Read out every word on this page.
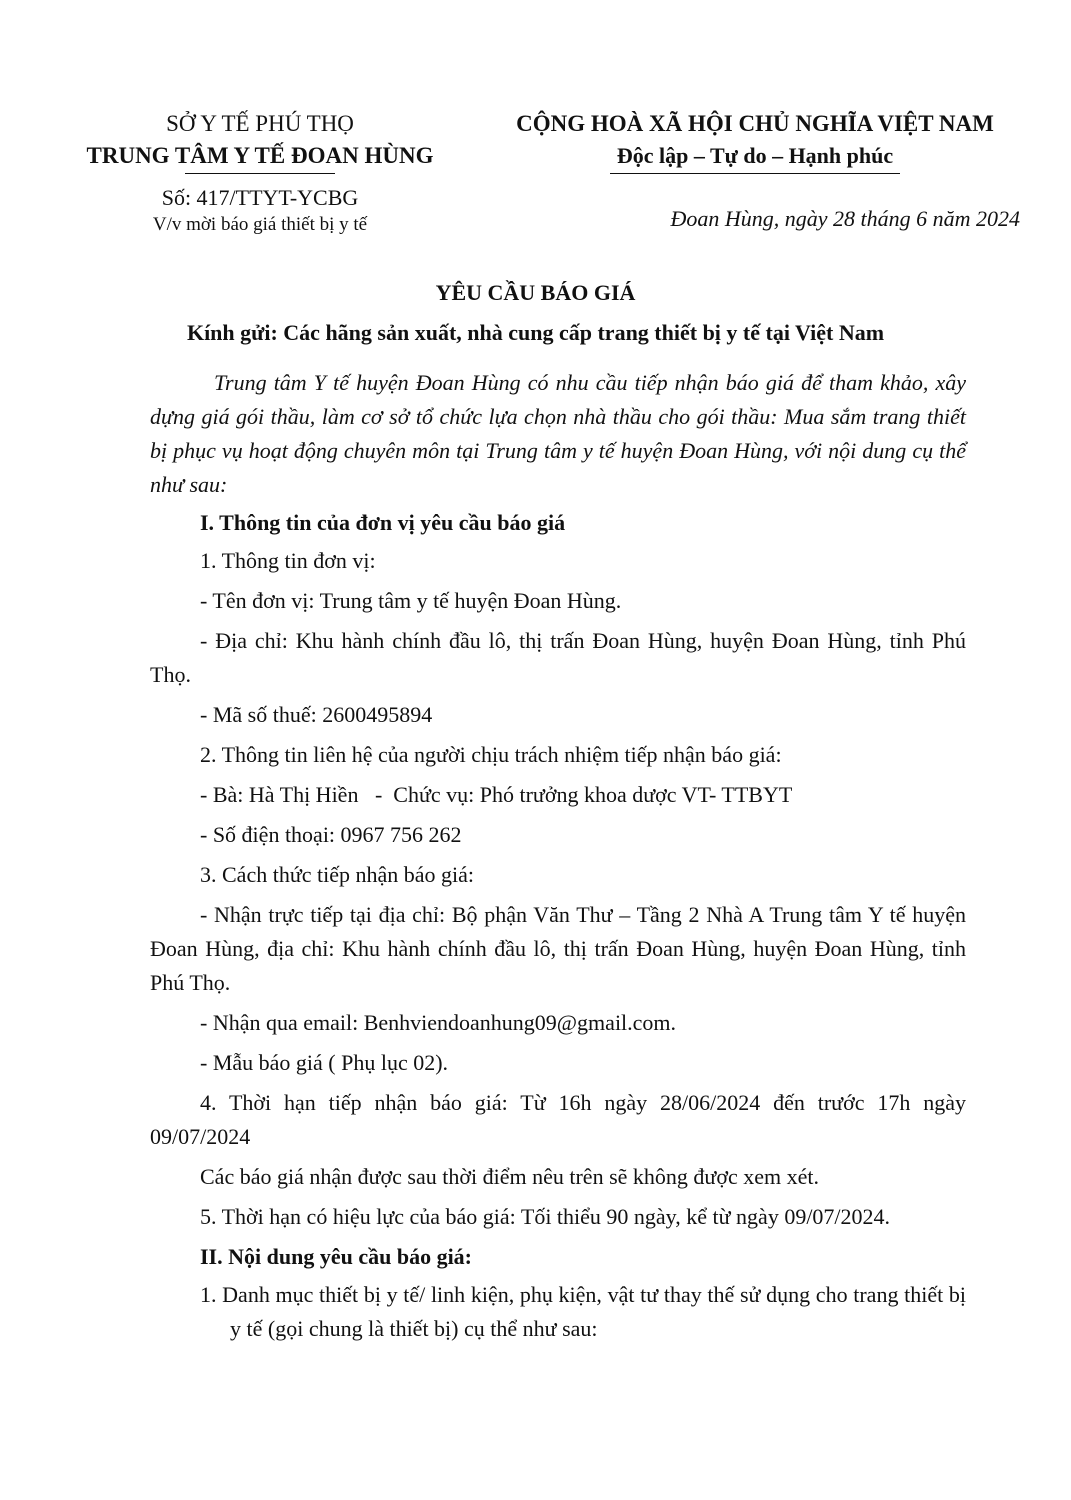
SỞ Y TẾ PHÚ THỌ
TRUNG TÂM Y TẾ ĐOAN HÙNG
Số: 417/TTYT-YCBG
V/v mời báo giá thiết bị y tế
CỘNG HOÀ XÃ HỘI CHỦ NGHĨA VIỆT NAM
Độc lập – Tự do – Hạnh phúc
Đoan Hùng, ngày 28 tháng 6 năm 2024
YÊU CẦU BÁO GIÁ
Kính gửi: Các hãng sản xuất, nhà cung cấp trang thiết bị y tế tại Việt Nam

Trung tâm Y tế huyện Đoan Hùng có nhu cầu tiếp nhận báo giá để tham khảo, xây dựng giá gói thầu, làm cơ sở tổ chức lựa chọn nhà thầu cho gói thầu: Mua sắm trang thiết bị phục vụ hoạt động chuyên môn tại Trung tâm y tế huyện Đoan Hùng, với nội dung cụ thể như sau:

I. Thông tin của đơn vị yêu cầu báo giá

1. Thông tin đơn vị:

- Tên đơn vị: Trung tâm y tế huyện Đoan Hùng.

- Địa chỉ: Khu hành chính đầu lô, thị trấn Đoan Hùng, huyện Đoan Hùng, tỉnh Phú Thọ.

- Mã số thuế: 2600495894

2. Thông tin liên hệ của người chịu trách nhiệm tiếp nhận báo giá:

- Bà: Hà Thị Hiền   -  Chức vụ: Phó trưởng khoa dược VT- TTBYT

- Số điện thoại: 0967 756 262

3. Cách thức tiếp nhận báo giá:

- Nhận trực tiếp tại địa chỉ: Bộ phận Văn Thư – Tầng 2 Nhà A Trung tâm Y tế huyện Đoan Hùng, địa chỉ: Khu hành chính đầu lô, thị trấn Đoan Hùng, huyện Đoan Hùng, tỉnh Phú Thọ.

- Nhận qua email: Benhviendoanhung09@gmail.com.

- Mẫu báo giá ( Phụ lục 02).

4. Thời hạn tiếp nhận báo giá: Từ 16h ngày 28/06/2024 đến trước 17h ngày 09/07/2024

Các báo giá nhận được sau thời điểm nêu trên sẽ không được xem xét.

5. Thời hạn có hiệu lực của báo giá: Tối thiểu 90 ngày, kể từ ngày 09/07/2024.

II. Nội dung yêu cầu báo giá:

1. Danh mục thiết bị y tế/ linh kiện, phụ kiện, vật tư thay thế sử dụng cho trang thiết bị y tế (gọi chung là thiết bị) cụ thể như sau:
